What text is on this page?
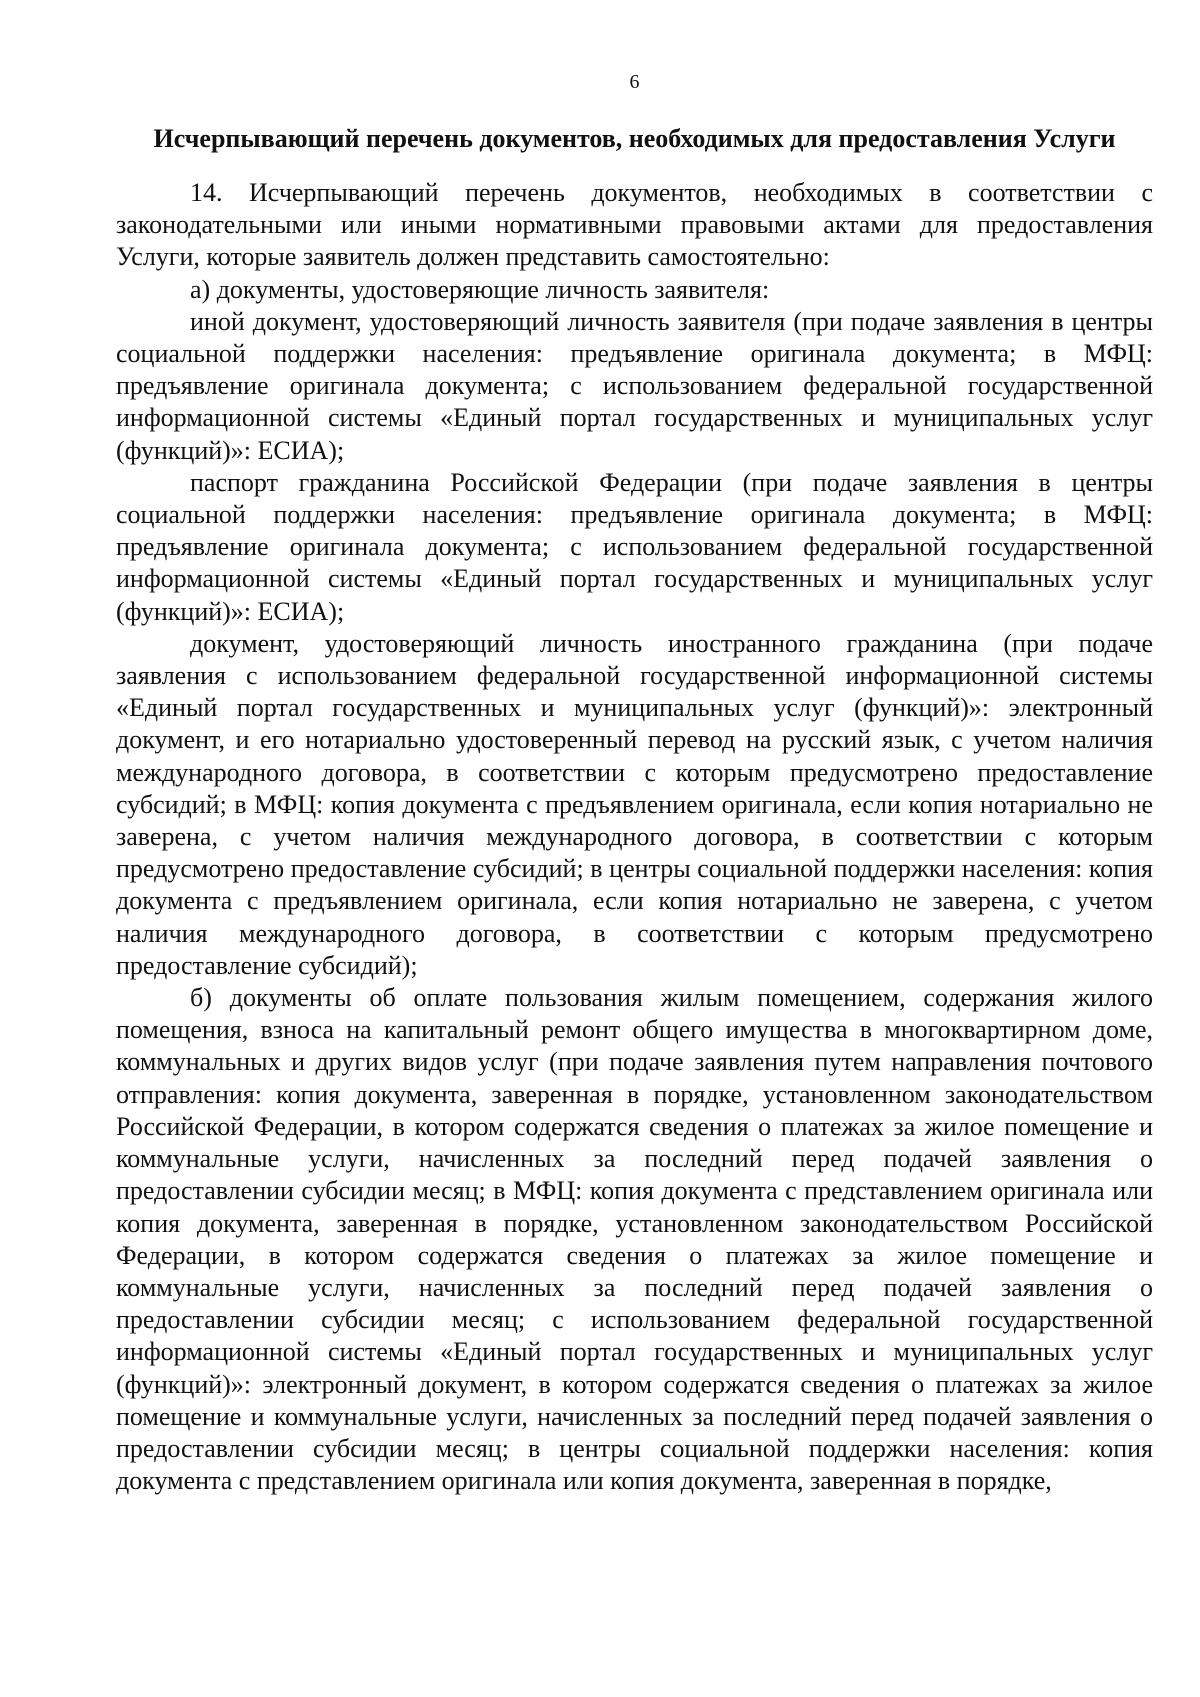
6
Исчерпывающий перечень документов, необходимых для предоставления Услуги

14. Исчерпывающий перечень документов, необходимых в соответствии с законодательными или иными нормативными правовыми актами для предоставления Услуги, которые заявитель должен представить самостоятельно:

а) документы, удостоверяющие личность заявителя:

иной документ, удостоверяющий личность заявителя (при подаче заявления в центры социальной поддержки населения: предъявление оригинала документа; в МФЦ: предъявление оригинала документа; с использованием федеральной государственной информационной системы «Единый портал государственных и муниципальных услуг (функций)»: ЕСИА);

паспорт гражданина Российской Федерации (при подаче заявления в центры социальной поддержки населения: предъявление оригинала документа; в МФЦ: предъявление оригинала документа; с использованием федеральной государственной информационной системы «Единый портал государственных и муниципальных услуг (функций)»: ЕСИА);

документ, удостоверяющий личность иностранного гражданина (при подаче заявления с использованием федеральной государственной информационной системы «Единый портал государственных и муниципальных услуг (функций)»: электронный документ, и его нотариально удостоверенный перевод на русский язык, с учетом наличия международного договора, в соответствии с которым предусмотрено предоставление субсидий; в МФЦ: копия документа с предъявлением оригинала, если копия нотариально не заверена, с учетом наличия международного договора, в соответствии с которым предусмотрено предоставление субсидий; в центры социальной поддержки населения: копия документа с предъявлением оригинала, если копия нотариально не заверена, с учетом наличия международного договора, в соответствии с которым предусмотрено предоставление субсидий);

б) документы об оплате пользования жилым помещением, содержания жилого помещения, взноса на капитальный ремонт общего имущества в многоквартирном доме, коммунальных и других видов услуг (при подаче заявления путем направления почтового отправления: копия документа, заверенная в порядке, установленном законодательством Российской Федерации, в котором содержатся сведения о платежах за жилое помещение и коммунальные услуги, начисленных за последний перед подачей заявления о предоставлении субсидии месяц; в МФЦ: копия документа с представлением оригинала или копия документа, заверенная в порядке, установленном законодательством Российской Федерации, в котором содержатся сведения о платежах за жилое помещение и коммунальные услуги, начисленных за последний перед подачей заявления о предоставлении субсидии месяц; с использованием федеральной государственной информационной системы «Единый портал государственных и муниципальных услуг (функций)»: электронный документ, в котором содержатся сведения о платежах за жилое помещение и коммунальные услуги, начисленных за последний перед подачей заявления о предоставлении субсидии месяц; в центры социальной поддержки населения: копия документа с представлением оригинала или копия документа, заверенная в порядке,
